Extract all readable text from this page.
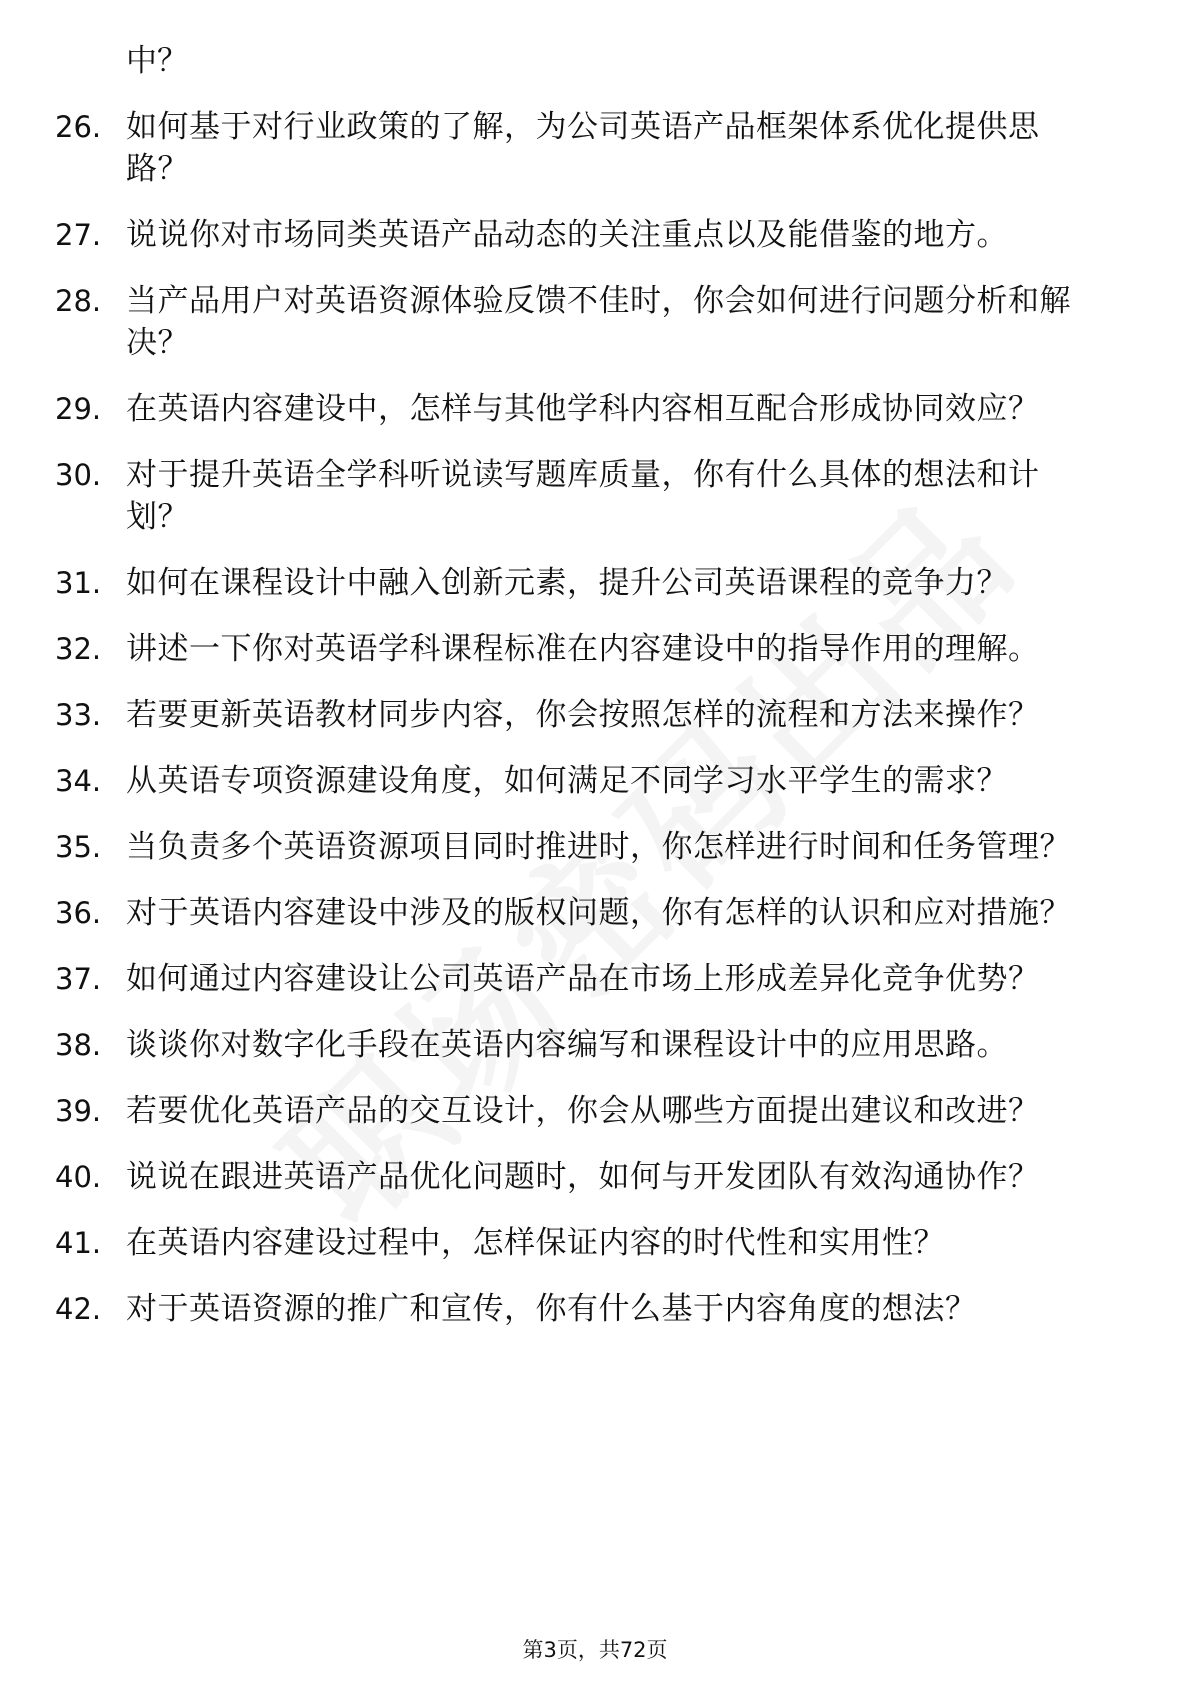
中？
26. 如何基于对行业政策的了解，为公司英语产品框架体系优化提供思路？
27. 说说你对市场同类英语产品动态的关注重点以及能借鉴的地方。
28. 当产品用户对英语资源体验反馈不佳时，你会如何进行问题分析和解决？
29. 在英语内容建设中，怎样与其他学科内容相互配合形成协同效应？
30. 对于提升英语全学科听说读写题库质量，你有什么具体的想法和计划？
31. 如何在课程设计中融入创新元素，提升公司英语课程的竞争力？
32. 讲述一下你对英语学科课程标准在内容建设中的指导作用的理解。
33. 若要更新英语教材同步内容，你会按照怎样的流程和方法来操作？
34. 从英语专项资源建设角度，如何满足不同学习水平学生的需求？
35. 当负责多个英语资源项目同时推进时，你怎样进行时间和任务管理？
36. 对于英语内容建设中涉及的版权问题，你有怎样的认识和应对措施？
37. 如何通过内容建设让公司英语产品在市场上形成差异化竞争优势？
38. 谈谈你对数字化手段在英语内容编写和课程设计中的应用思路。
39. 若要优化英语产品的交互设计，你会从哪些方面提出建议和改进？
40. 说说在跟进英语产品优化问题时，如何与开发团队有效沟通协作？
41. 在英语内容建设过程中，怎样保证内容的时代性和实用性？
42. 对于英语资源的推广和宣传，你有什么基于内容角度的想法？
第3页，共72页
